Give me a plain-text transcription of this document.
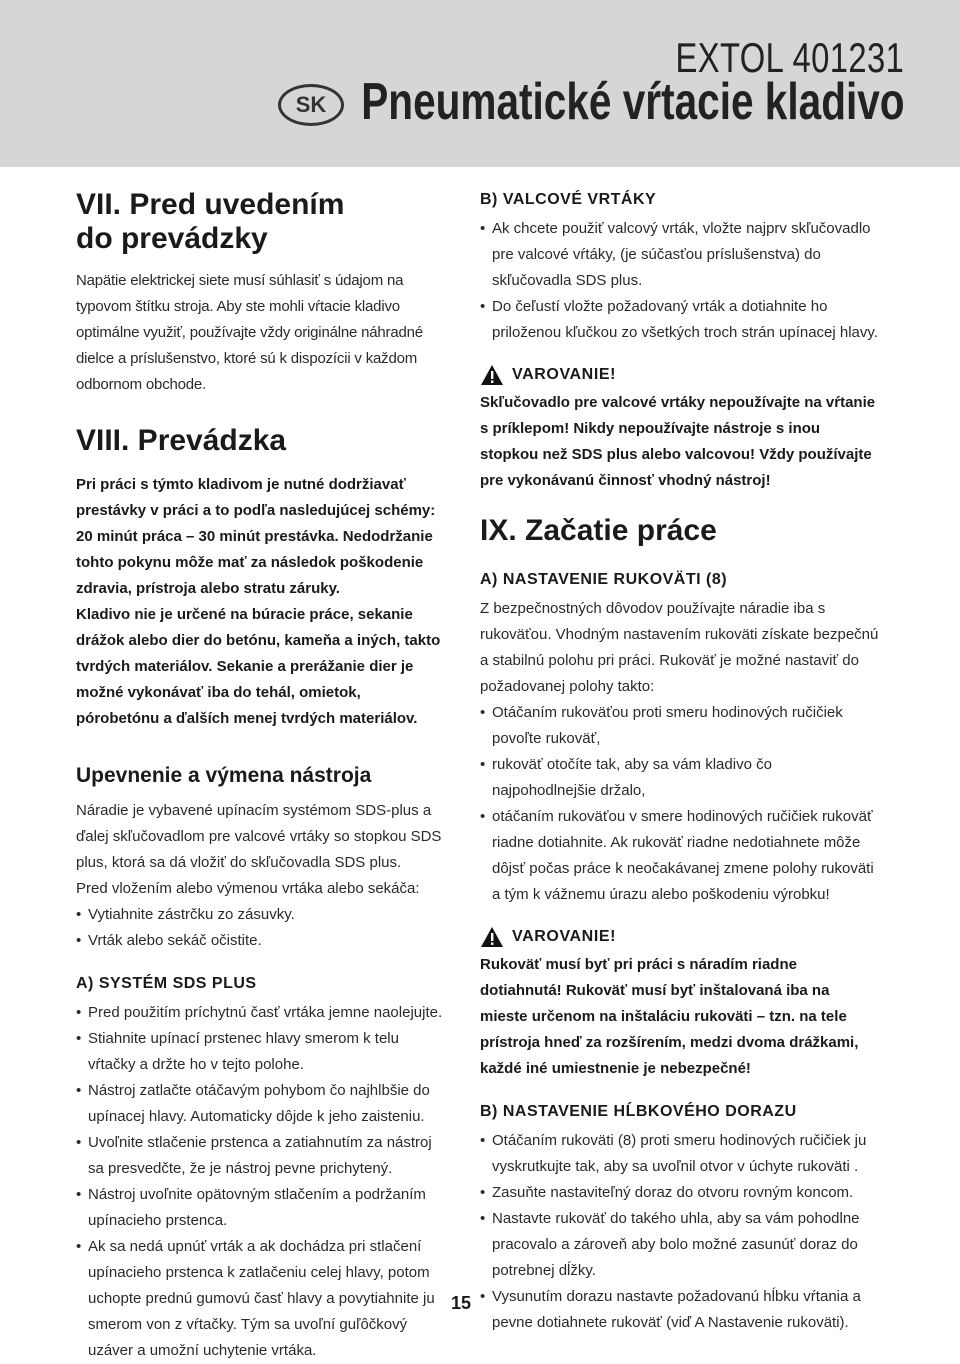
SK
EXTOL 401231
Pneumatické vŕtacie kladivo
VII. Pred uvedením
do prevádzky

Napätie elektrickej siete musí súhlasiť s údajom na typovom štítku stroja. Aby ste mohli vŕtacie kladivo optimálne využiť, používajte vždy originálne náhradné dielce a príslušenstvo, ktoré sú k dispozícii v každom odbornom obchode.

VIII. Prevádzka

Pri práci s týmto kladivom je nutné dodržiavať prestávky v práci a to podľa nasledujúcej schémy: 20 minút práca – 30 minút prestávka. Nedodržanie tohto pokynu môže mať za následok poškodenie zdravia, prístroja alebo stratu záruky.

Kladivo nie je určené na búracie práce, sekanie drážok alebo dier do betónu, kameňa a iných, takto tvrdých materiálov. Sekanie a prerážanie dier je možné vykonávať iba do tehál, omietok, pórobetónu a ďalších menej tvrdých materiálov.

Upevnenie a výmena nástroja

Náradie je vybavené upínacím systémom SDS-plus a ďalej skľučovadlom pre valcové vrtáky so stopkou SDS plus, ktorá sa dá vložiť do skľučovadla SDS plus.

Pred vložením alebo výmenou vrtáka alebo sekáča:

• Vytiahnite zástrčku zo zásuvky.
• Vrták alebo sekáč očistite.
A) SYSTÉM SDS PLUS
• Pred použitím príchytnú časť vrtáka jemne naolejujte.
• Stiahnite upínací prstenec hlavy smerom k telu vŕtačky a držte ho v tejto polohe.
• Nástroj zatlačte otáčavým pohybom čo najhlbšie do upínacej hlavy. Automaticky dôjde k jeho zaisteniu.
• Uvoľnite stlačenie prstenca a zatiahnutím za nástroj sa presvedčte, že je nástroj pevne prichytený.
• Nástroj uvoľnite opätovným stlačením a podržaním upínacieho prstenca.
• Ak sa nedá upnúť vrták a ak dochádza pri stlačení upínacieho prstenca k zatlačeniu celej hlavy, potom uchopte prednú gumovú časť hlavy a povytiahnite ju smerom von z vŕtačky. Tým sa uvoľní guľôčkový uzáver a umožní uchytenie vrtáka.
B) VALCOVÉ VRTÁKY
• Ak chcete použiť valcový vrták, vložte najprv skľučovadlo pre valcové vŕtáky, (je súčasťou príslušenstva) do skľučovadla SDS plus.
• Do čeľustí vložte požadovaný vrták a dotiahnite ho priloženou kľučkou zo všetkých troch strán upínacej hlavy.
VAROVANIE!

Skľučovadlo pre valcové vrtáky nepoužívajte na vŕtanie s príklepom! Nikdy nepoužívajte nástroje s inou stopkou než SDS plus alebo valcovou! Vždy používajte pre vykonávanú činnosť vhodný nástroj!

IX. Začatie práce
A) NASTAVENIE RUKOVÄTI (8)

Z bezpečnostných dôvodov používajte náradie iba s rukoväťou. Vhodným nastavením rukoväti získate bezpečnú a stabilnú polohu pri práci. Rukoväť je možné nastaviť do požadovanej polohy takto:

• Otáčaním rukoväťou proti smeru hodinových ručičiek povoľte rukoväť,
• rukoväť otočíte tak, aby sa vám kladivo čo najpohodlnejšie držalo,
• otáčaním rukoväťou v smere hodinových ručičiek rukoväť riadne dotiahnite. Ak rukoväť riadne nedotiahnete môže dôjsť počas práce k neočakávanej zmene polohy rukoväti a tým k vážnemu úrazu alebo poškodeniu výrobku!
VAROVANIE!

Rukoväť musí byť pri práci s náradím riadne dotiahnutá! Rukoväť musí byť inštalovaná iba na mieste určenom na inštaláciu rukoväti – tzn. na tele prístroja hneď za rozšírením, medzi dvoma drážkami, každé iné umiestnenie je nebezpečné!

B) NASTAVENIE HĹBKOVÉHO DORAZU
• Otáčaním rukoväti (8) proti smeru hodinových ručičiek ju vyskrutkujte tak, aby sa uvoľnil otvor v úchyte rukoväti .
• Zasuňte nastaviteľný doraz do otvoru rovným koncom.
• Nastavte rukoväť do takého uhla, aby sa vám pohodlne pracovalo a zároveň aby bolo možné zasunúť doraz do potrebnej dĺžky.
• Vysunutím dorazu nastavte požadovanú hĺbku vŕtania a pevne dotiahnete rukoväť (viď A Nastavenie rukoväti).
15
